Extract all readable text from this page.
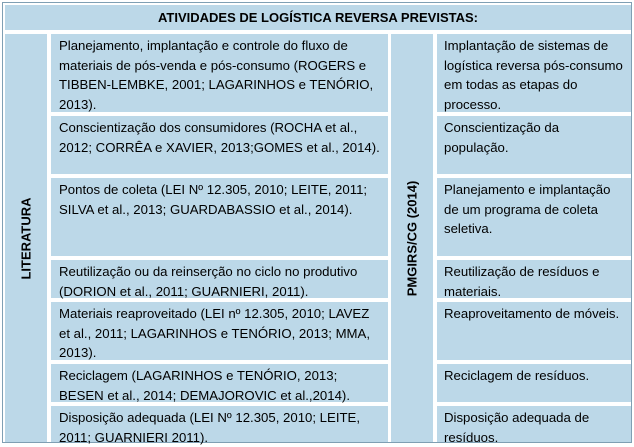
ATIVIDADES DE LOGÍSTICA REVERSA PREVISTAS:
LITERATURA	PMGIRS/CG (2014)
Planejamento, implantação e controle do fluxo de materiais de pós-venda e pós-consumo (ROGERS e TIBBEN-LEMBKE, 2001; LAGARINHOS e TENÓRIO, 2013).
Implantação de sistemas de logística reversa pós-consumo em todas as etapas do processo.
Conscientização dos consumidores (ROCHA et al., 2012; CORRÊA e XAVIER, 2013;GOMES et al., 2014).
Conscientização da população.
Pontos de coleta (LEI Nº 12.305, 2010; LEITE, 2011; SILVA et al., 2013; GUARDABASSIO et al., 2014).
Planejamento e implantação de um programa de coleta seletiva.
Reutilização ou da reinserção no ciclo no produtivo (DORION et al., 2011; GUARNIERI, 2011).
Reutilização de resíduos e materiais.
Materiais reaproveitado (LEI nº 12.305, 2010; LAVEZ et al., 2011; LAGARINHOS e TENÓRIO, 2013; MMA, 2013).
Reaproveitamento de móveis.
Reciclagem (LAGARINHOS e TENÓRIO, 2013; BESEN et al., 2014; DEMAJOROVIC et al.,2014).
Reciclagem de resíduos.
Disposição adequada (LEI Nº 12.305, 2010; LEITE, 2011; GUARNIERI 2011).
Disposição adequada de resíduos.
